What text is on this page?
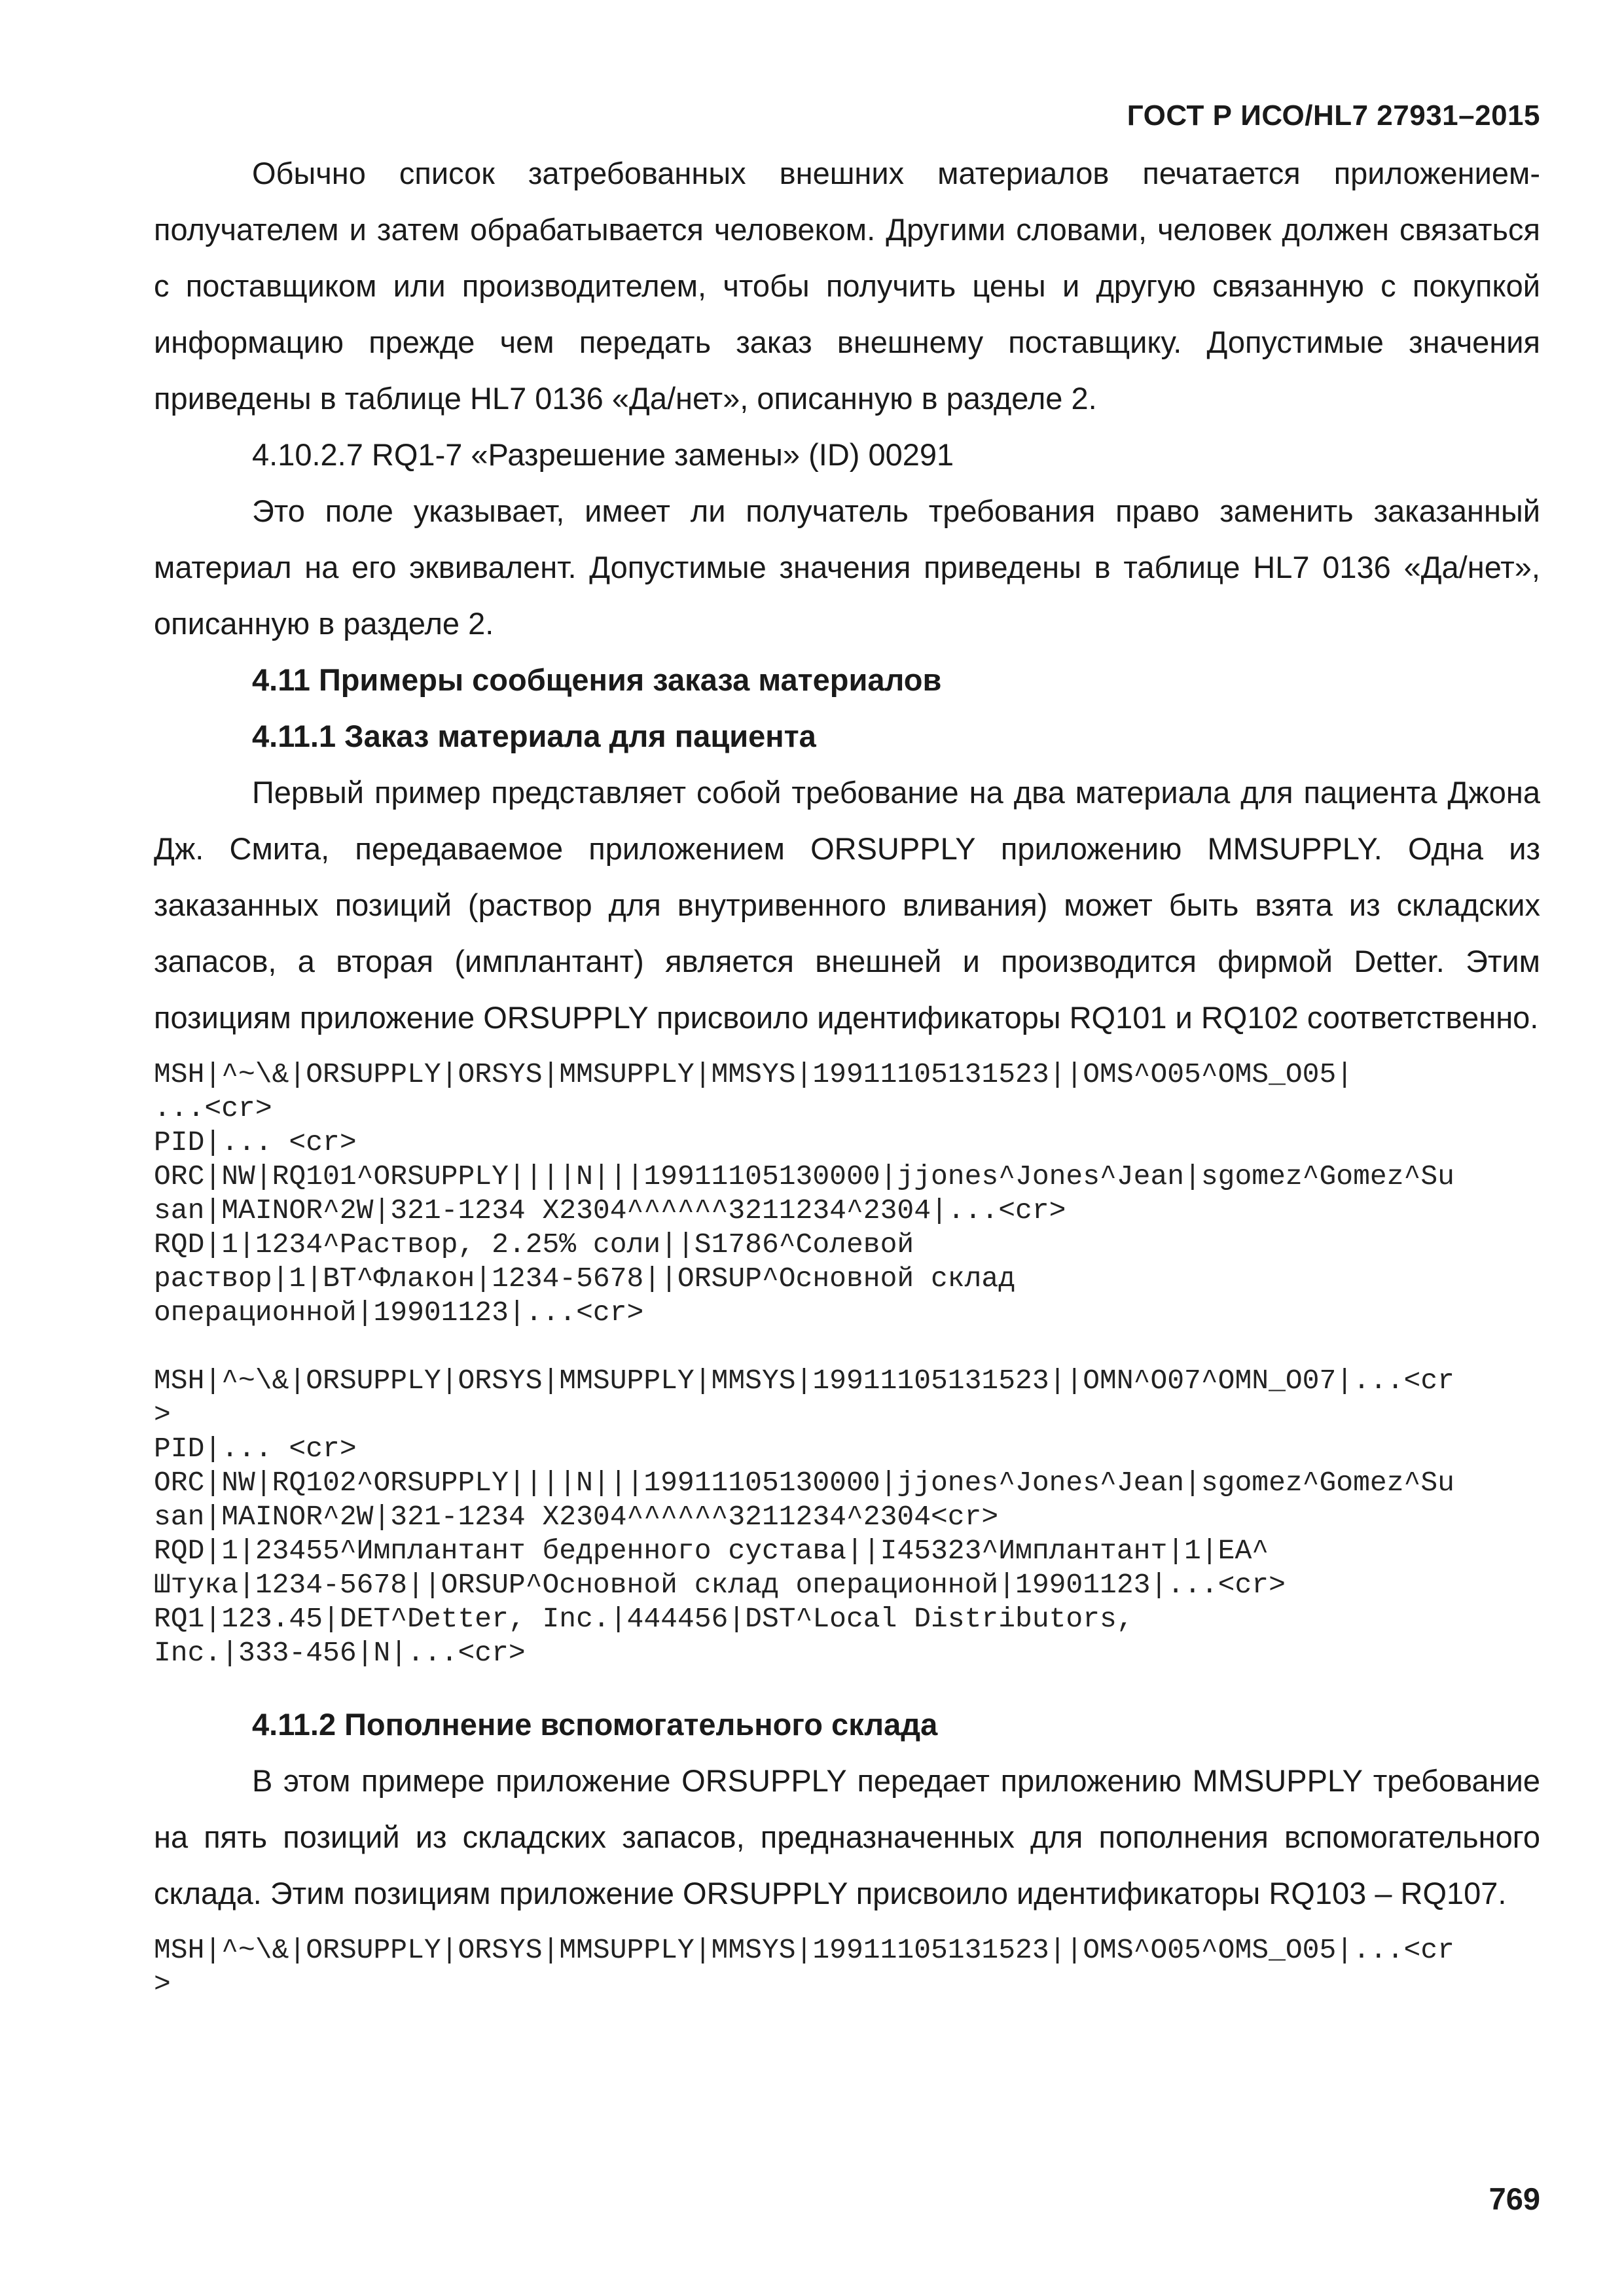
ГОСТ Р ИСО/HL7 27931–2015

Обычно список затребованных внешних материалов печатается приложением-получателем и затем обрабатывается человеком. Другими словами, человек должен связаться с поставщиком или производителем, чтобы получить цены и другую связанную с покупкой информацию прежде чем передать заказ внешнему поставщику. Допустимые значения приведены в таблице HL7 0136 «Да/нет», описанную в разделе 2.

4.10.2.7 RQ1-7 «Разрешение замены» (ID) 00291

Это поле указывает, имеет ли получатель требования право заменить заказанный материал на его эквивалент. Допустимые значения приведены в таблице HL7 0136 «Да/нет», описанную в разделе 2.

4.11 Примеры сообщения заказа материалов

4.11.1 Заказ материала для пациента

Первый пример представляет собой требование на два материала для пациента Джона Дж. Смита, передаваемое приложением ORSUPPLY приложению MMSUPPLY. Одна из заказанных позиций (раствор для внутривенного вливания) может быть взята из складских запасов, а вторая (имплантант) является внешней и производится фирмой Detter. Этим позициям приложение ORSUPPLY присвоило идентификаторы RQ101 и RQ102 соответственно.

MSH|^~\&|ORSUPPLY|ORSYS|MMSUPPLY|MMSYS|19911105131523||OMS^O05^OMS_O05|
...<cr>
PID|... <cr>
ORC|NW|RQ101^ORSUPPLY||||N|||19911105130000|jjones^Jones^Jean|sgomez^Gomez^Su
san|MAINOR^2W|321-1234 X2304^^^^^^3211234^2304|...<cr>
RQD|1|1234^Раствор, 2.25% соли||S1786^Солевой
раствор|1|BT^Флакон|1234-5678||ORSUP^Основной склад
операционной|19901123|...<cr>
MSH|^~\&|ORSUPPLY|ORSYS|MMSUPPLY|MMSYS|19911105131523||OMN^O07^OMN_O07|...<cr
>
PID|... <cr>
ORC|NW|RQ102^ORSUPPLY||||N|||19911105130000|jjones^Jones^Jean|sgomez^Gomez^Su
san|MAINOR^2W|321-1234 X2304^^^^^^3211234^2304<cr>
RQD|1|23455^Имплантант бедренного сустава||I45323^Имплантант|1|EA^
Штука|1234-5678||ORSUP^Основной склад операционной|19901123|...<cr>
RQ1|123.45|DET^Detter, Inc.|444456|DST^Local Distributors,
Inc.|333-456|N|...<cr>

4.11.2 Пополнение вспомогательного склада

В этом примере приложение ORSUPPLY передает приложению MMSUPPLY требование на пять позиций из складских запасов, предназначенных для пополнения вспомогательного склада. Этим позициям приложение ORSUPPLY присвоило идентификаторы RQ103 – RQ107.

MSH|^~\&|ORSUPPLY|ORSYS|MMSUPPLY|MMSYS|19911105131523||OMS^O05^OMS_O05|...<cr
>
769
